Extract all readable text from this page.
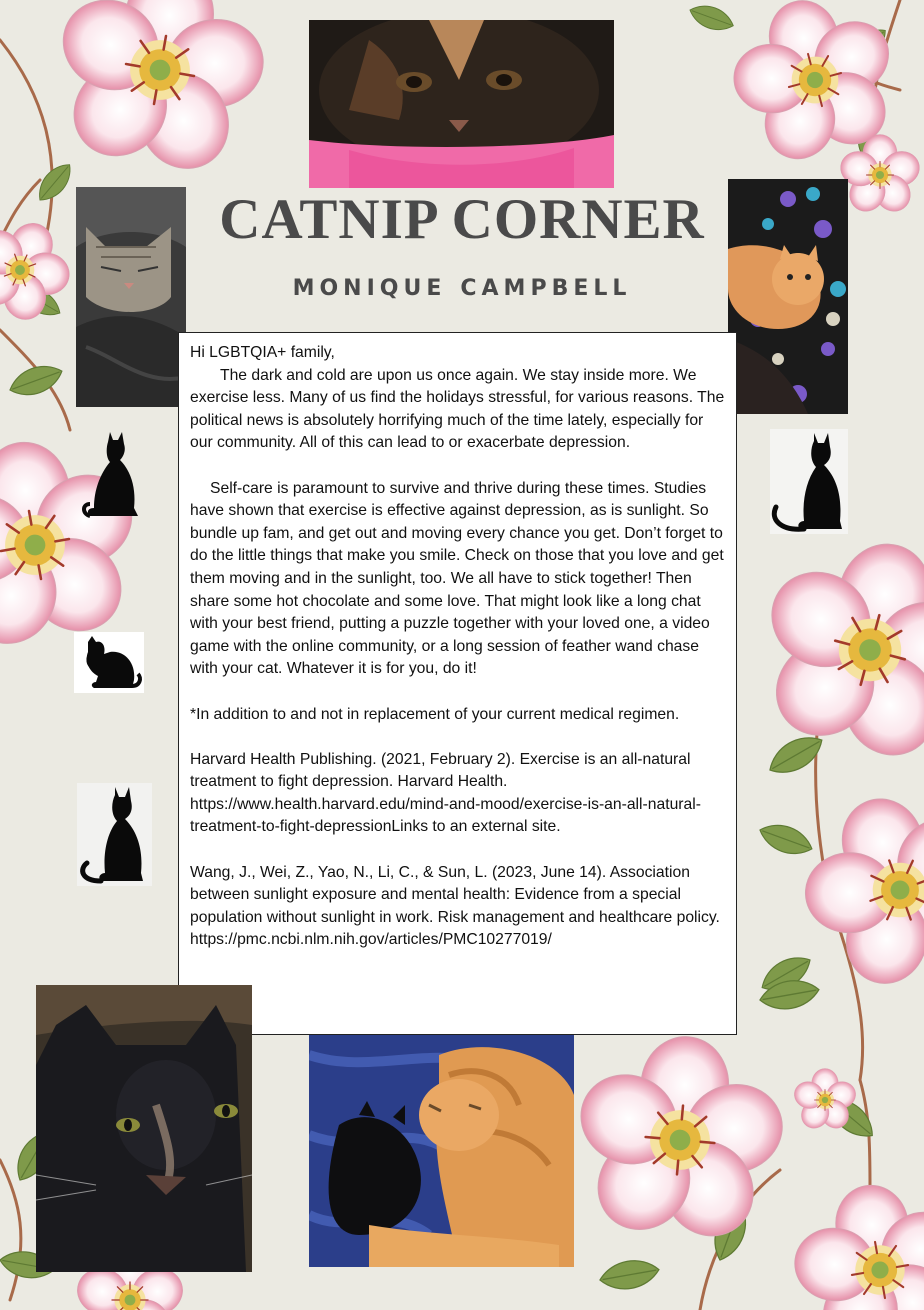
CATNIP CORNER

MONIQUE CAMPBELL

Hi LGBTQIA+ family,

The dark and cold are upon us once again. We stay inside more. We exercise less. Many of us find the holidays stressful, for various reasons. The political news is absolutely horrifying much of the time lately, especially for our community. All of this can lead to or exacerbate depression.

Self-care is paramount to survive and thrive during these times. Studies have shown that exercise is effective against depression, as is sunlight. So bundle up fam, and get out and moving every chance you get. Don’t forget to do the little things that make you smile. Check on those that you love and get them moving and in the sunlight, too. We all have to stick together! Then share some hot chocolate and some love. That might look like a long chat with your best friend, putting a puzzle together with your loved one, a video game with the online community, or a long session of feather wand chase with your cat. Whatever it is for you, do it!

*In addition to and not in replacement of your current medical regimen.

Harvard Health Publishing. (2021, February 2). Exercise is an all-natural treatment to fight depression. Harvard Health. https://www.health.harvard.edu/mind-and-mood/exercise-is-an-all-natural-treatment-to-fight-depressionLinks to an external site.

Wang, J., Wei, Z., Yao, N., Li, C., & Sun, L. (2023, June 14). Association between sunlight exposure and mental health: Evidence from a special population without sunlight in work. Risk management and healthcare policy. https://pmc.ncbi.nlm.nih.gov/articles/PMC10277019/
